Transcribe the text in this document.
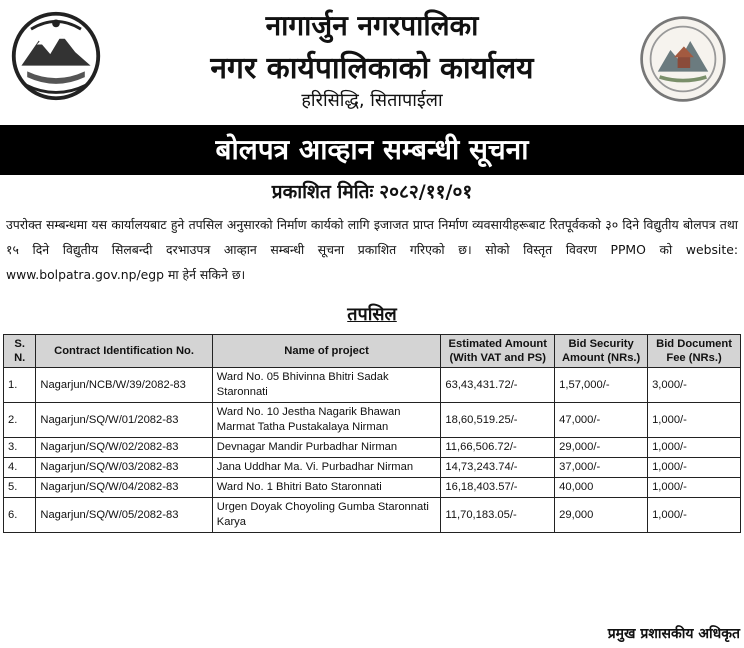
नागार्जुन नगरपालिका
नगर कार्यपालिकाको कार्यालय
हरिसिद्धि, सितापाईला
बोलपत्र आव्हान सम्बन्धी सूचना
प्रकाशित मितिः २०८२/११/०१
उपरोक्त सम्बन्धमा यस कार्यालयबाट हुने तपसिल अनुसारको निर्माण कार्यको लागि इजाजत प्राप्त निर्माण व्यवसायीहरूबाट रितपूर्वकको ३० दिने विद्युतीय बोलपत्र तथा १५ दिने विद्युतीय सिलबन्दी दरभाउपत्र आव्हान सम्बन्धी सूचना प्रकाशित गरिएको छ। सोको विस्तृत विवरण PPMO को website: www.bolpatra.gov.np/egp मा हेर्न सकिने छ।
तपसिल
S. N.	Contract Identification No.	Name of project	Estimated Amount (With VAT and PS)	Bid Security Amount (NRs.)	Bid Document Fee (NRs.)
1.	Nagarjun/NCB/W/39/2082-83	Ward No. 05 Bhivinna Bhitri Sadak Staronnati	63,43,431.72/-	1,57,000/-	3,000/-
2.	Nagarjun/SQ/W/01/2082-83	Ward No. 10 Jestha Nagarik Bhawan Marmat Tatha Pustakalaya Nirman	18,60,519.25/-	47,000/-	1,000/-
3.	Nagarjun/SQ/W/02/2082-83	Devnagar Mandir Purbadhar Nirman	11,66,506.72/-	29,000/-	1,000/-
4.	Nagarjun/SQ/W/03/2082-83	Jana Uddhar Ma. Vi. Purbadhar Nirman	14,73,243.74/-	37,000/-	1,000/-
5.	Nagarjun/SQ/W/04/2082-83	Ward No. 1 Bhitri Bato Staronnati	16,18,403.57/-	40,000	1,000/-
6.	Nagarjun/SQ/W/05/2082-83	Urgen Doyak Choyoling Gumba Staronnati Karya	11,70,183.05/-	29,000	1,000/-
प्रमुख प्रशासकीय अधिकृत
